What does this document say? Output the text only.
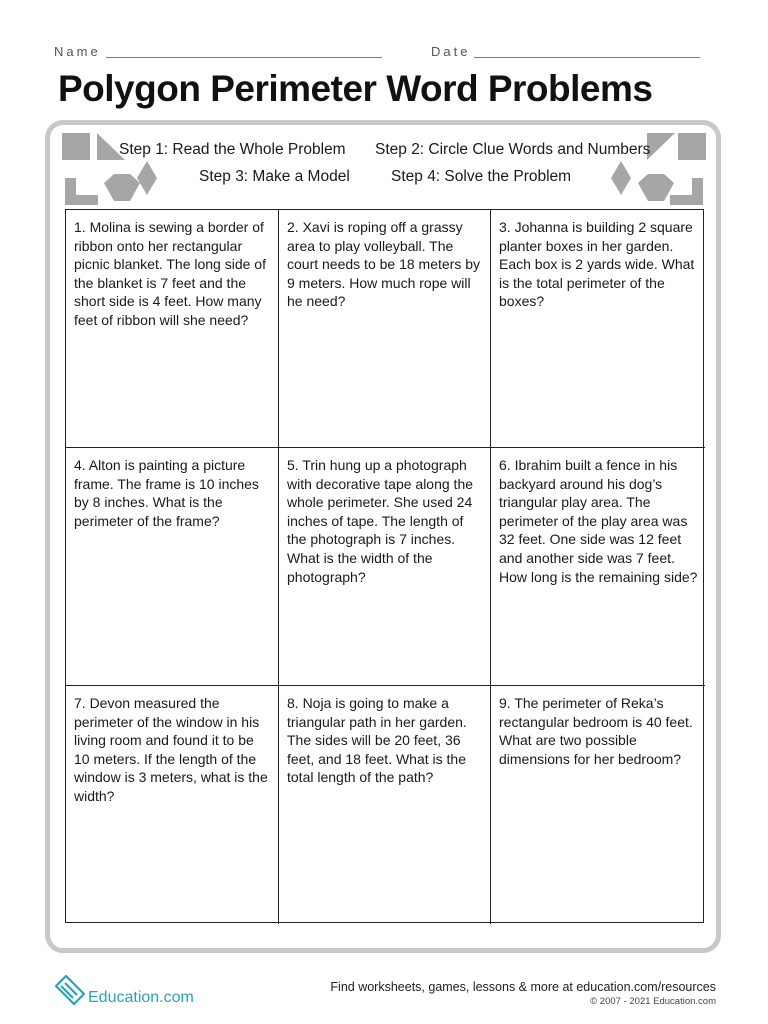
Name	Date
Polygon Perimeter Word Problems
Step 1: Read the Whole Problem Step 2: Circle Clue Words and Numbers
Step 3: Make a Model	Step 4: Solve the Problem
1. Molina is sewing a border of ribbon onto her rectangular picnic blanket. The long side of the blanket is 7 feet and the short side is 4 feet. How many feet of ribbon will she need?
2. Xavi is roping off a grassy area to play volleyball. The court needs to be 18 meters by 9 meters. How much rope will he need?
3. Johanna is building 2 square planter boxes in her garden. Each box is 2 yards wide. What is the total perimeter of the boxes?
4. Alton is painting a picture frame. The frame is 10 inches by 8 inches. What is the perimeter of the frame?
5. Trin hung up a photograph with decorative tape along the whole perimeter. She used 24 inches of tape. The length of the photograph is 7 inches. What is the width of the photograph?
6. Ibrahim built a fence in his backyard around his dog’s triangular play area. The perimeter of the play area was 32 feet. One side was 12 feet and another side was 7 feet. How long is the remaining side?
7. Devon measured the perimeter of the window in his living room and found it to be 10 meters. If the length of the window is 3 meters, what is the width?
8. Noja is going to make a triangular path in her garden. The sides will be 20 feet, 36 feet, and 18 feet. What is the total length of the path?
9. The perimeter of Reka’s rectangular bedroom is 40 feet. What are two possible dimensions for her bedroom?
Education.com
Find worksheets, games, lessons & more at education.com/resources
© 2007 - 2021 Education.com
